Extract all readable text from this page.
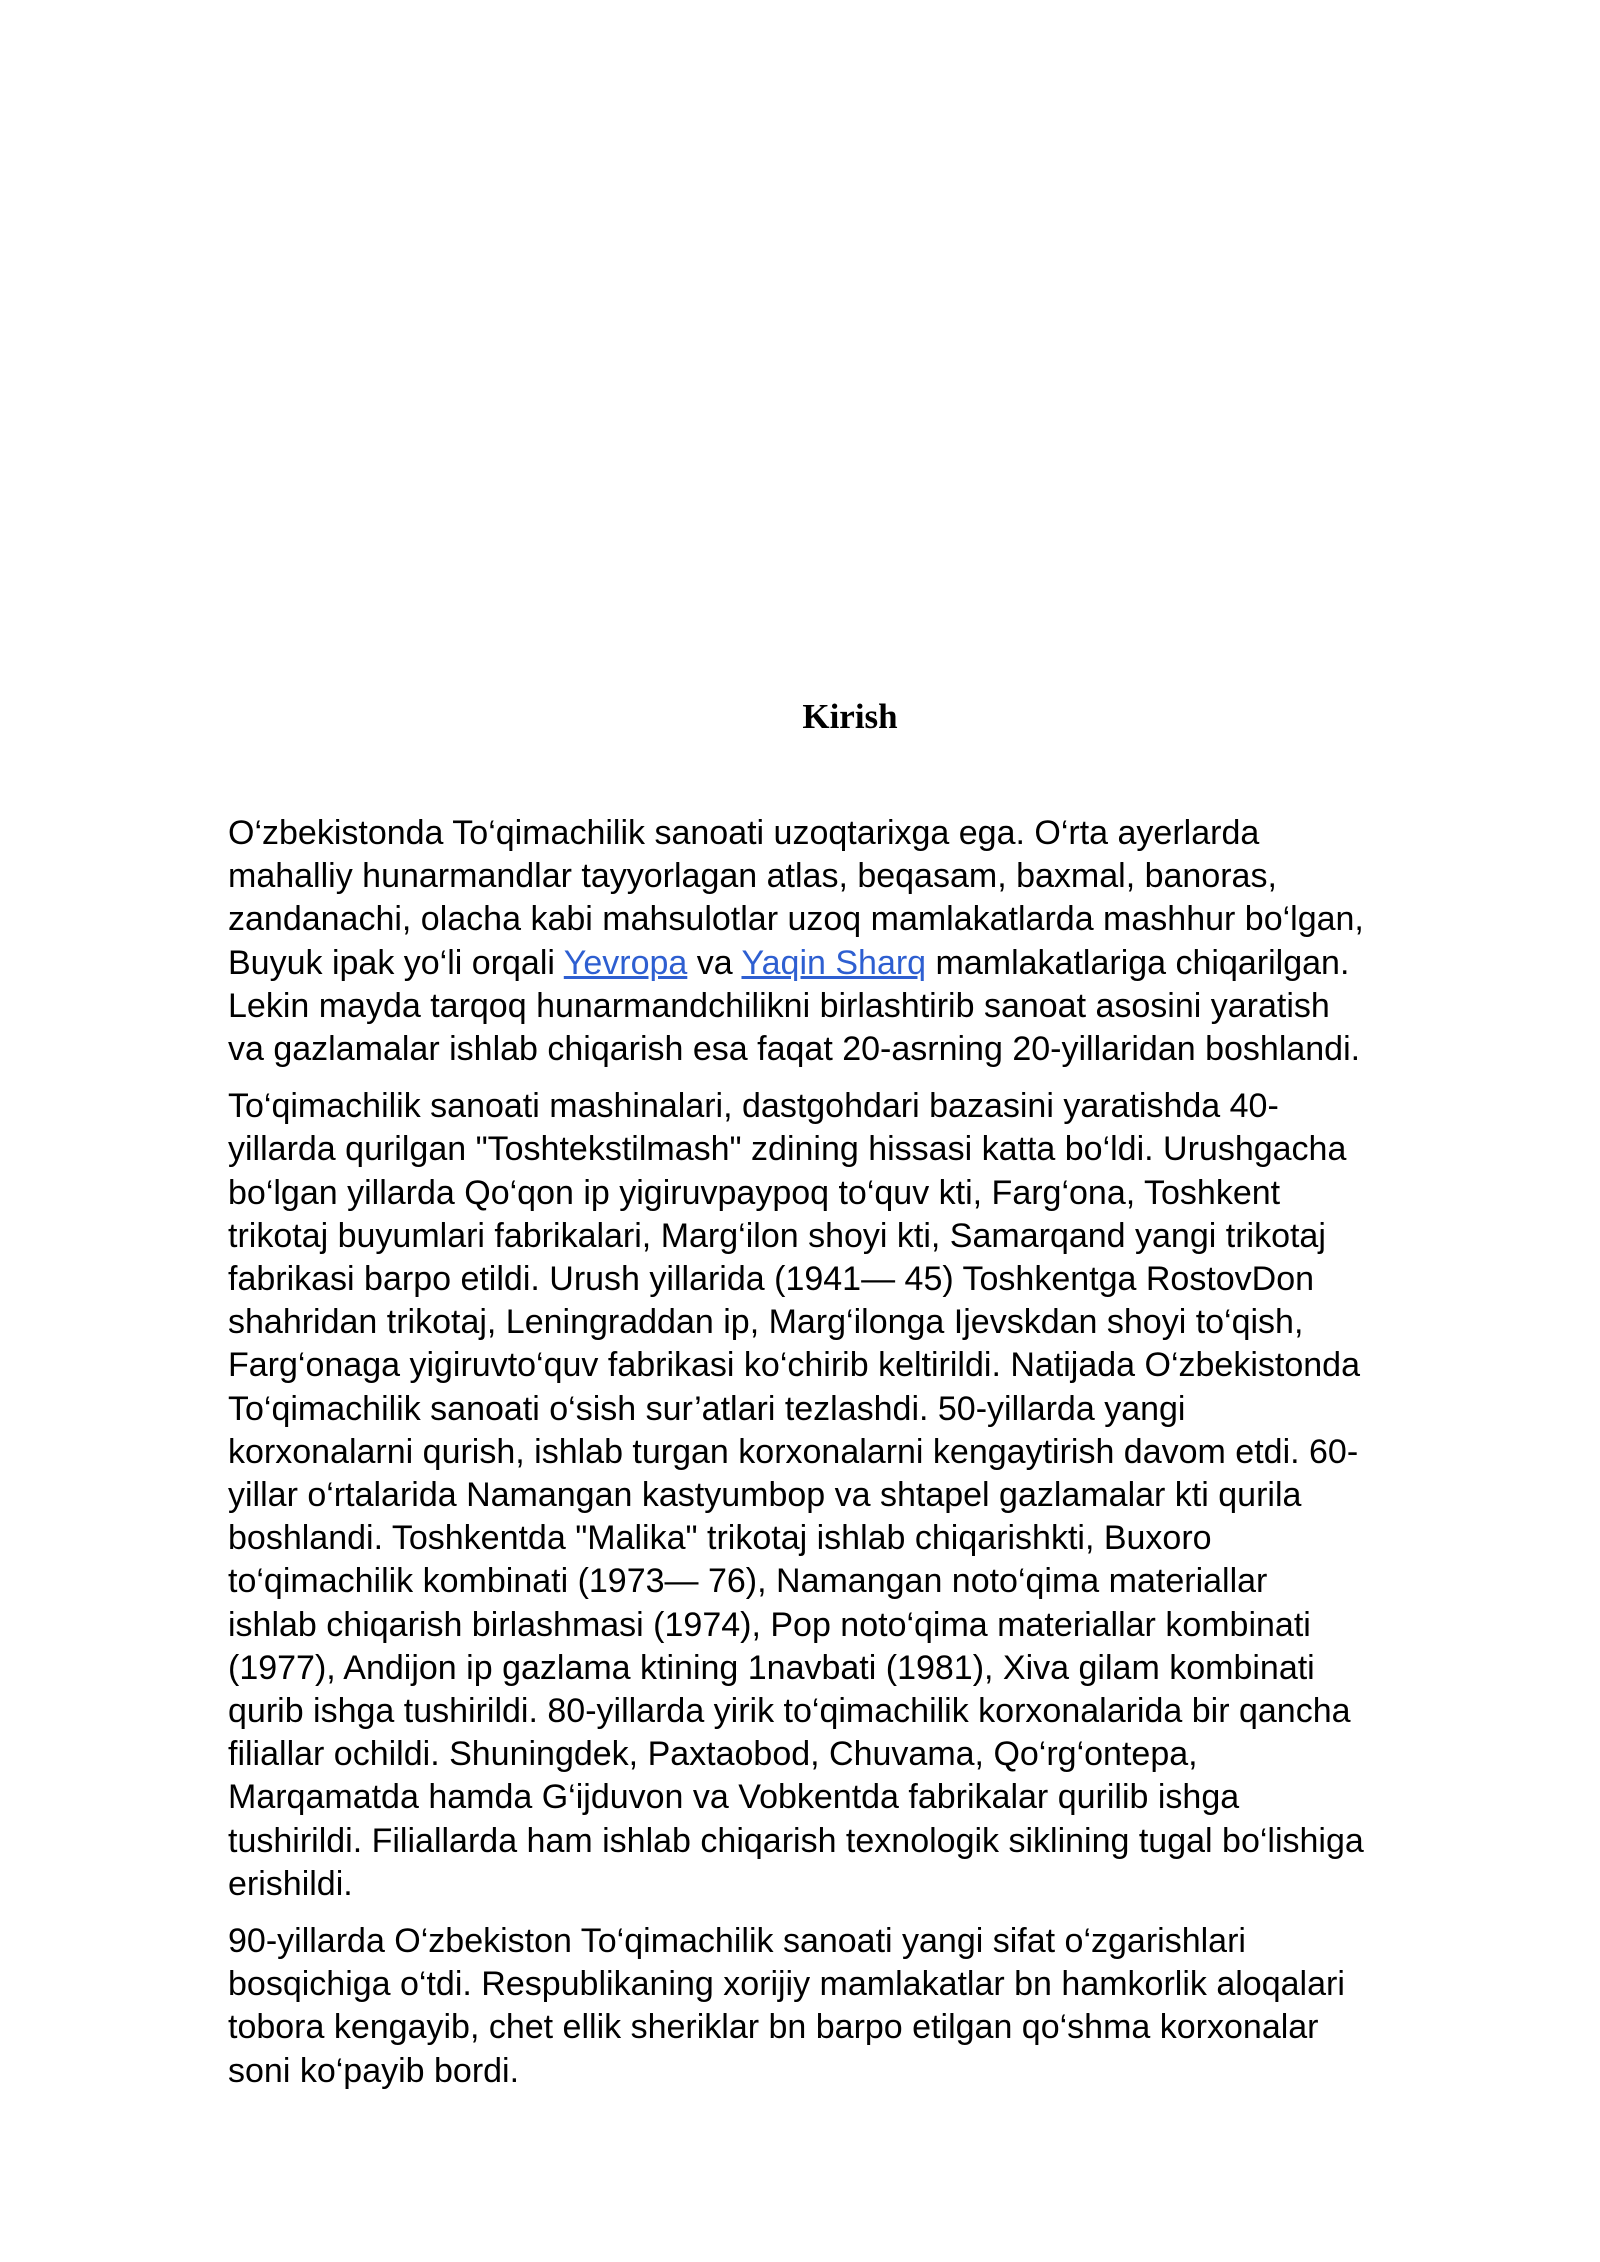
Kirish

O‘zbekistonda To‘qimachilik sanoati uzoqtarixga ega. O‘rta ayerlarda
mahalliy hunarmandlar tayyorlagan atlas, beqasam, baxmal, banoras,
zandanachi, olacha kabi mahsulotlar uzoq mamlakatlarda mashhur bo‘lgan,
Buyuk ipak yo‘li orqali Yevropa va Yaqin Sharq mamlakatlariga chiqarilgan.
Lekin mayda tarqoq hunarmandchilikni birlashtirib sanoat asosini yaratish
va gazlamalar ishlab chiqarish esa faqat 20-asrning 20-yillaridan boshlandi.

To‘qimachilik sanoati mashinalari, dastgohdari bazasini yaratishda 40-
yillarda qurilgan "Toshtekstilmash" zdining hissasi katta bo‘ldi. Urushgacha
bo‘lgan yillarda Qo‘qon ip yigiruvpaypoq to‘quv kti, Farg‘ona, Toshkent
trikotaj buyumlari fabrikalari, Marg‘ilon shoyi kti, Samarqand yangi trikotaj
fabrikasi barpo etildi. Urush yillarida (1941— 45) Toshkentga RostovDon
shahridan trikotaj, Leningraddan ip, Marg‘ilonga Ijevskdan shoyi to‘qish,
Farg‘onaga yigiruvto‘quv fabrikasi ko‘chirib keltirildi. Natijada O‘zbekistonda
To‘qimachilik sanoati o‘sish sur’atlari tezlashdi. 50-yillarda yangi
korxonalarni qurish, ishlab turgan korxonalarni kengaytirish davom etdi. 60-
yillar o‘rtalarida Namangan kastyumbop va shtapel gazlamalar kti qurila
boshlandi. Toshkentda "Malika" trikotaj ishlab chiqarishkti, Buxoro
to‘qimachilik kombinati (1973— 76), Namangan noto‘qima materiallar
ishlab chiqarish birlashmasi (1974), Pop noto‘qima materiallar kombinati
(1977), Andijon ip gazlama ktining 1navbati (1981), Xiva gilam kombinati
qurib ishga tushirildi. 80-yillarda yirik to‘qimachilik korxonalarida bir qancha
filiallar ochildi. Shuningdek, Paxtaobod, Chuvama, Qo‘rg‘ontepa,
Marqamatda hamda G‘ijduvon va Vobkentda fabrikalar qurilib ishga
tushirildi. Filiallarda ham ishlab chiqarish texnologik siklining tugal bo‘lishiga
erishildi.

90-yillarda O‘zbekiston To‘qimachilik sanoati yangi sifat o‘zgarishlari
bosqichiga o‘tdi. Respublikaning xorijiy mamlakatlar bn hamkorlik aloqalari
tobora kengayib, chet ellik sheriklar bn barpo etilgan qo‘shma korxonalar
soni ko‘payib bordi.
